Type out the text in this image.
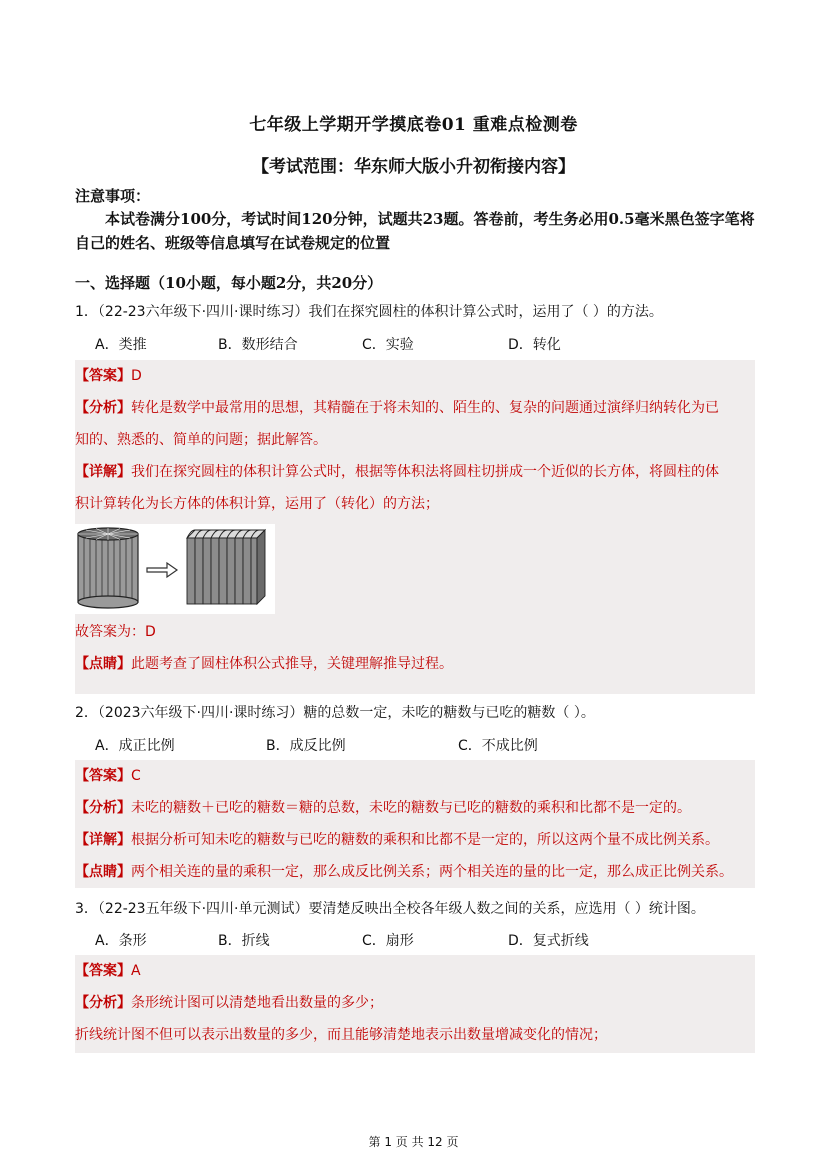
七年级上学期开学摸底卷01 重难点检测卷
【考试范围：华东师大版小升初衔接内容】
注意事项：
本试卷满分100分，考试时间120分钟，试题共23题。答卷前，考生务必用0.5毫米黑色签字笔将自己的姓名、班级等信息填写在试卷规定的位置
一、选择题（10小题，每小题2分，共20分）
1．（22-23六年级下·四川·课时练习）我们在探究圆柱的体积计算公式时，运用了（ ）的方法。
A．类推	B．数形结合	C．实验	D．转化
【答案】D
【分析】转化是数学中最常用的思想，其精髓在于将未知的、陌生的、复杂的问题通过演绎归纳转化为已
知的、熟悉的、简单的问题；据此解答。
【详解】我们在探究圆柱的体积计算公式时，根据等体积法将圆柱切拼成一个近似的长方体，将圆柱的体
积计算转化为长方体的体积计算，运用了（转化）的方法；
故答案为：D
【点睛】此题考查了圆柱体积公式推导，关键理解推导过程。
2．（2023六年级下·四川·课时练习）糖的总数一定，未吃的糖数与已吃的糖数（ ）。
A．成正比例	B．成反比例	C．不成比例
【答案】C
【分析】未吃的糖数＋已吃的糖数＝糖的总数，未吃的糖数与已吃的糖数的乘积和比都不是一定的。
【详解】根据分析可知未吃的糖数与已吃的糖数的乘积和比都不是一定的，所以这两个量不成比例关系。
【点睛】两个相关连的量的乘积一定，那么成反比例关系；两个相关连的量的比一定，那么成正比例关系。
3．（22-23五年级下·四川·单元测试）要清楚反映出全校各年级人数之间的关系，应选用（ ）统计图。
A．条形	B．折线	C．扇形	D．复式折线
【答案】A
【分析】条形统计图可以清楚地看出数量的多少；
折线统计图不但可以表示出数量的多少，而且能够清楚地表示出数量增减变化的情况；
第 1 页 共 12 页
